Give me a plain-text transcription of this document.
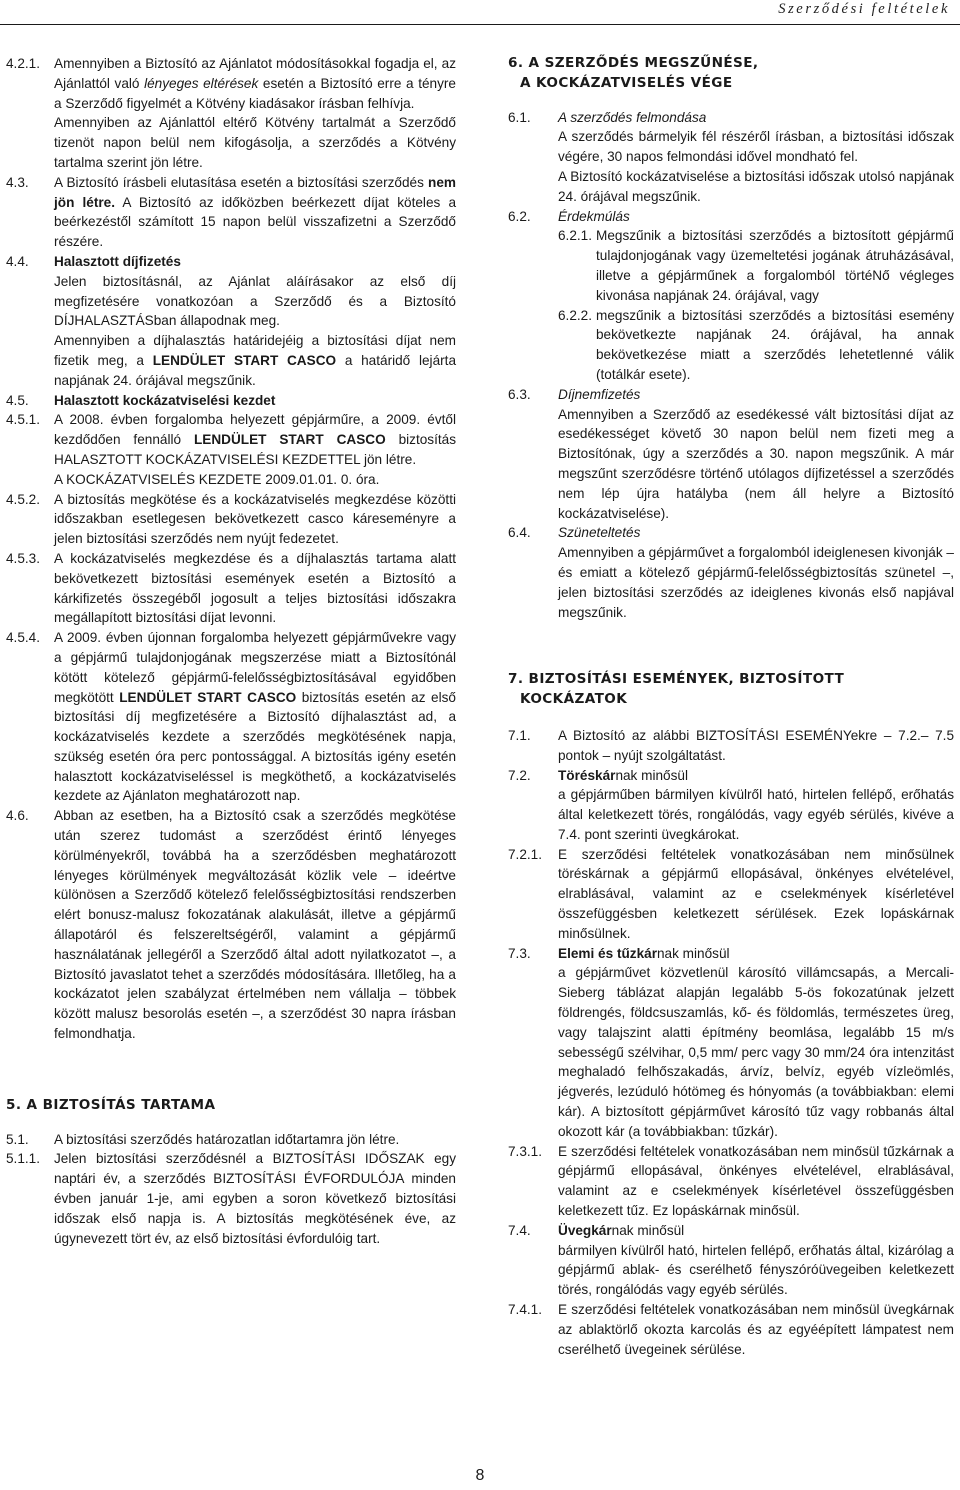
Szerződési feltételek
4.2.1. Amennyiben a Biztosító az Ajánlatot módosításokkal fogadja el, az Ajánlattól való lényeges eltérések esetén a Biztosító erre a tényre a Szerződő figyelmét a Kötvény kiadásakor írásban felhívja.

Amennyiben az Ajánlattól eltérő Kötvény tartalmát a Szerződő tizenöt napon belül nem kifogásolja, a szerződés a Kötvény tartalma szerint jön létre.

4.3. A Biztosító írásbeli elutasítása esetén a biztosítási szerződés nem jön létre. A Biztosító az időközben beérkezett díjat köteles a beérkezéstől számított 15 napon belül visszafizetni a Szerződő részére.

4.4. Halasztott díjfizetés

Jelen biztosításnál, az Ajánlat aláírásakor az első díj megfizetésére vonatkozóan a Szerződő és a Biztosító DÍJHALASZTÁSban állapodnak meg.

Amennyiben a díjhalasztás határidejéig a biztosítási díjat nem fizetik meg, a LENDÜLET START CASCO a határidő lejárta napjának 24. órájával megszűnik.

4.5. Halasztott kockázatviselési kezdet

4.5.1. A 2008. évben forgalomba helyezett gépjárműre, a 2009. évtől kezdődően fennálló LENDÜLET START CASCO biztosítás HALASZTOTT KOCKÁZATVISELÉSI KEZDETTEL jön létre.

A KOCKÁZATVISELÉS KEZDETE 2009.01.01. 0. óra.

4.5.2. A biztosítás megkötése és a kockázatviselés megkezdése közötti időszakban esetlegesen bekövetkezett casco káreseményre a jelen biztosítási szerződés nem nyújt fedezetet.

4.5.3. A kockázatviselés megkezdése és a díjhalasztás tartama alatt bekövetkezett biztosítási események esetén a Biztosító a kárkifizetés összegéből jogosult a teljes biztosítási időszakra megállapított biztosítási díjat levonni.

4.5.4. A 2009. évben újonnan forgalomba helyezett gépjárművekre vagy a gépjármű tulajdonjogának megszerzése miatt a Biztosítónál kötött kötelező gépjármű-felelősségbiztosításával egyidőben megkötött LENDÜLET START CASCO biztosítás esetén az első biztosítási díj megfizetésére a Biztosító díjhalasztást ad, a kockázatviselés kezdete a szerződés megkötésének napja, szükség esetén óra perc pontossággal. A biztosítás igény esetén halasztott kockázatviseléssel is megköthető, a kockázatviselés kezdete az Ajánlaton meghatározott nap.

4.6. Abban az esetben, ha a Biztosító csak a szerződés megkötése után szerez tudomást a szerződést érintő lényeges körülményekről, továbbá ha a szerződésben meghatározott lényeges körülmények megváltozását közlik vele – ideértve különösen a Szerződő kötelező felelősségbiztosítási rendszerben elért bonusz-malusz fokozatának alakulását, illetve a gépjármű állapotáról és felszereltségéről, valamint a gépjármű használatának jellegéről a Szerződő által adott nyilatkozatot –, a Biztosító javaslatot tehet a szerződés módosítására. Illetőleg, ha a kockázatot jelen szabályzat értelmében nem vállalja – többek között malusz besorolás esetén –, a szerződést 30 napra írásban felmondhatja.

5. A BIZTOSÍTÁS TARTAMA

5.1. A biztosítási szerződés határozatlan időtartamra jön létre.

5.1.1. Jelen biztosítási szerződésnél a BIZTOSÍTÁSI IDŐSZAK egy naptári év, a szerződés BIZTOSÍTÁSI ÉVFORDULÓJA minden évben január 1-je, ami egyben a soron következő biztosítási időszak első napja is. A biztosítás megkötésének éve, az úgynevezett tört év, az első biztosítási évfordulóig tart.

6. A SZERZŐDÉS MEGSZŰNÉSE,
A KOCKÁZATVISELÉS VÉGE

6.1. A szerződés felmondása

A szerződés bármelyik fél részéről írásban, a biztosítási időszak végére, 30 napos felmondási idővel mondható fel.

A Biztosító kockázatviselése a biztosítási időszak utolsó napjának 24. órájával megszűnik.

6.2. Érdekmúlás

6.2.1. Megszűnik a biztosítási szerződés a biztosított gépjármű tulajdonjogának vagy üzemeltetési jogának átruházásával, illetve a gépjárműnek a forgalomból törtéNő végleges kivonása napjának 24. órájával, vagy

6.2.2. megszűnik a biztosítási szerződés a biztosítási esemény bekövetkezte napjának 24. órájával, ha annak bekövetkezése miatt a szerződés lehetetlenné válik (totálkár esete).

6.3. Díjnemfizetés

Amennyiben a Szerződő az esedékessé vált biztosítási díjat az esedékességet követő 30 napon belül nem fizeti meg a Biztosítónak, úgy a szerződés a 30. napon megszűnik. A már megszűnt szerződésre történő utólagos díjfizetéssel a szerződés nem lép újra hatályba (nem áll helyre a Biztosító kockázatviselése).

6.4. Szüneteltetés

Amennyiben a gépjárművet a forgalomból ideiglenesen kivonják – és emiatt a kötelező gépjármű-felelősségbiztosítás szünetel –, jelen biztosítási szerződés az ideiglenes kivonás első napjával megszűnik.

7. BIZTOSÍTÁSI ESEMÉNYEK, BIZTOSÍTOTT
KOCKÁZATOK

7.1. A Biztosító az alábbi BIZTOSÍTÁSI ESEMÉNYekre – 7.2.– 7.5 pontok – nyújt szolgáltatást.

7.2. Töréskárnak minősül

a gépjárműben bármilyen kívülről ható, hirtelen fellépő, erőhatás által keletkezett törés, rongálódás, vagy egyéb sérülés, kivéve a 7.4. pont szerinti üvegkárokat.

7.2.1. E szerződési feltételek vonatkozásában nem minősülnek töréskárnak a gépjármű ellopásával, önkényes elvételével, elrablásával, valamint az e cselekmények kísérletével összefüggésben keletkezett sérülések. Ezek lopáskárnak minősülnek.

7.3. Elemi és tűzkárnak minősül

a gépjárművet közvetlenül károsító villámcsapás, a Mercali-Sieberg táblázat alapján legalább 5-ös fokozatúnak jelzett földrengés, földcsuszamlás, kő- és földomlás, természetes üreg, vagy talajszint alatti építmény beomlása, legalább 15 m/s sebességű szélvihar, 0,5 mm/ perc vagy 30 mm/24 óra intenzitást meghaladó felhőszakadás, árvíz, belvíz, egyéb vízleömlés, jégverés, lezúduló hótömeg és hónyomás (a továbbiakban: elemi kár). A biztosított gépjárművet károsító tűz vagy robbanás által okozott kár (a továbbiakban: tűzkár).

7.3.1. E szerződési feltételek vonatkozásában nem minősül tűzkárnak a gépjármű ellopásával, önkényes elvételével, elrablásával, valamint az e cselekmények kísérletével összefüggésben keletkezett tűz. Ez lopáskárnak minősül.

7.4. Üvegkárnak minősül

bármilyen kívülről ható, hirtelen fellépő, erőhatás által, kizárólag a gépjármű ablak- és cserélhető fényszóróüvegeiben keletkezett törés, rongálódás vagy egyéb sérülés.

7.4.1. E szerződési feltételek vonatkozásában nem minősül üvegkárnak az ablaktörlő okozta karcolás és az egyéépített lámpatest nem cserélhető üvegeinek sérülése.

8
